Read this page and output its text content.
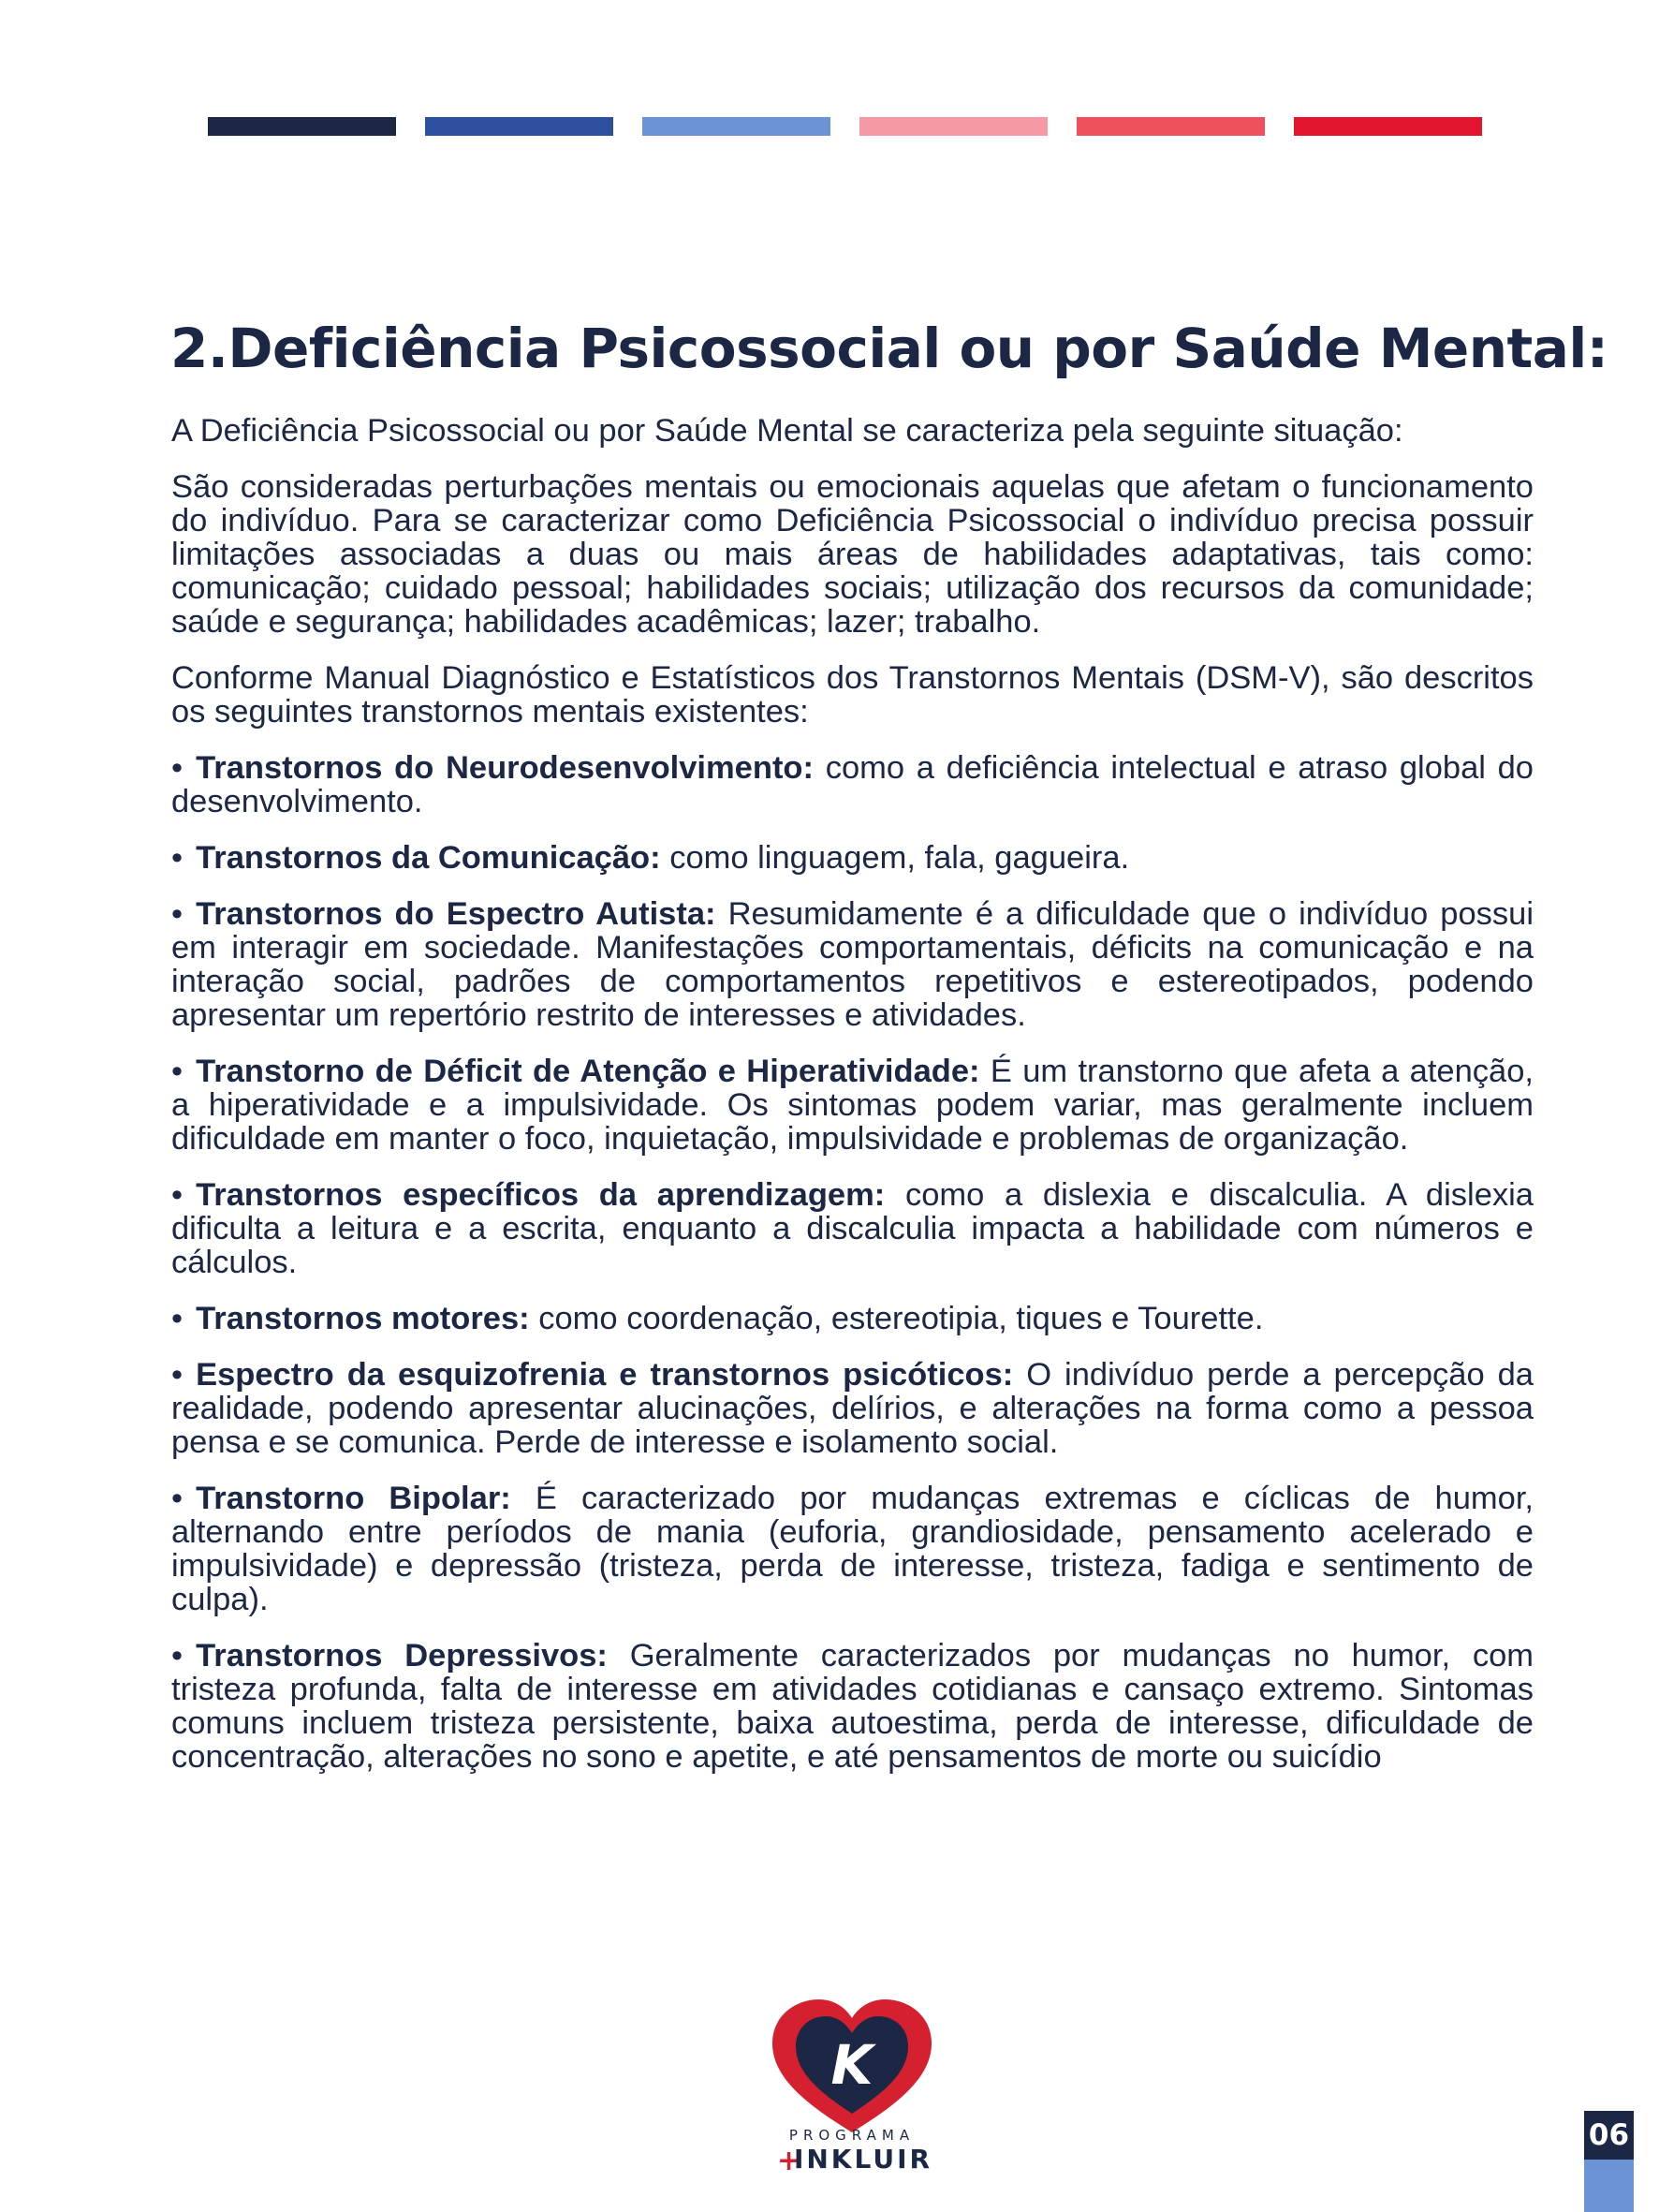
2.Deficiência Psicossocial ou por Saúde Mental:

A Deficiência Psicossocial ou por Saúde Mental se caracteriza pela seguinte situação:

São consideradas perturbações mentais ou emocionais aquelas que afetam o funcionamento do indivíduo. Para se caracterizar como Deficiência Psicossocial o indivíduo precisa possuir limitações associadas a duas ou mais áreas de habilidades adaptativas, tais como: comunicação; cuidado pessoal; habilidades sociais; utilização dos recursos da comunidade; saúde e segurança; habilidades acadêmicas; lazer; trabalho.

Conforme Manual Diagnóstico e Estatísticos dos Transtornos Mentais (DSM-V), são descritos os seguintes transtornos mentais existentes:

• Transtornos do Neurodesenvolvimento: como a deficiência intelectual e atraso global do desenvolvimento.

• Transtornos da Comunicação: como linguagem, fala, gagueira.

• Transtornos do Espectro Autista: Resumidamente é a dificuldade que o indivíduo possui em interagir em sociedade. Manifestações comportamentais, déficits na comunicação e na interação social, padrões de comportamentos repetitivos e estereotipados, podendo apresentar um repertório restrito de interesses e atividades.

• Transtorno de Déficit de Atenção e Hiperatividade: É um transtorno que afeta a atenção, a hiperatividade e a impulsividade. Os sintomas podem variar, mas geralmente incluem dificuldade em manter o foco, inquietação, impulsividade e problemas de organização.

• Transtornos específicos da aprendizagem: como a dislexia e discalculia. A dislexia dificulta a leitura e a escrita, enquanto a discalculia impacta a habilidade com números e cálculos.

• Transtornos motores: como coordenação, estereotipia, tiques e Tourette.

• Espectro da esquizofrenia e transtornos psicóticos: O indivíduo perde a percepção da realidade, podendo apresentar alucinações, delírios, e alterações na forma como a pessoa pensa e se comunica. Perde de interesse e isolamento social.

• Transtorno Bipolar: É caracterizado por mudanças extremas e cíclicas de humor, alternando entre períodos de mania (euforia, grandiosidade, pensamento acelerado e impulsividade) e depressão (tristeza, perda de interesse, tristeza, fadiga e sentimento de culpa).

• Transtornos Depressivos: Geralmente caracterizados por mudanças no humor, com tristeza profunda, falta de interesse em atividades cotidianas e cansaço extremo. Sintomas comuns incluem tristeza persistente, baixa autoestima, perda de interesse, dificuldade de concentração, alterações no sono e apetite, e até pensamentos de morte ou suicídio

K
PROGRAMA
+
INKLUIR
06
